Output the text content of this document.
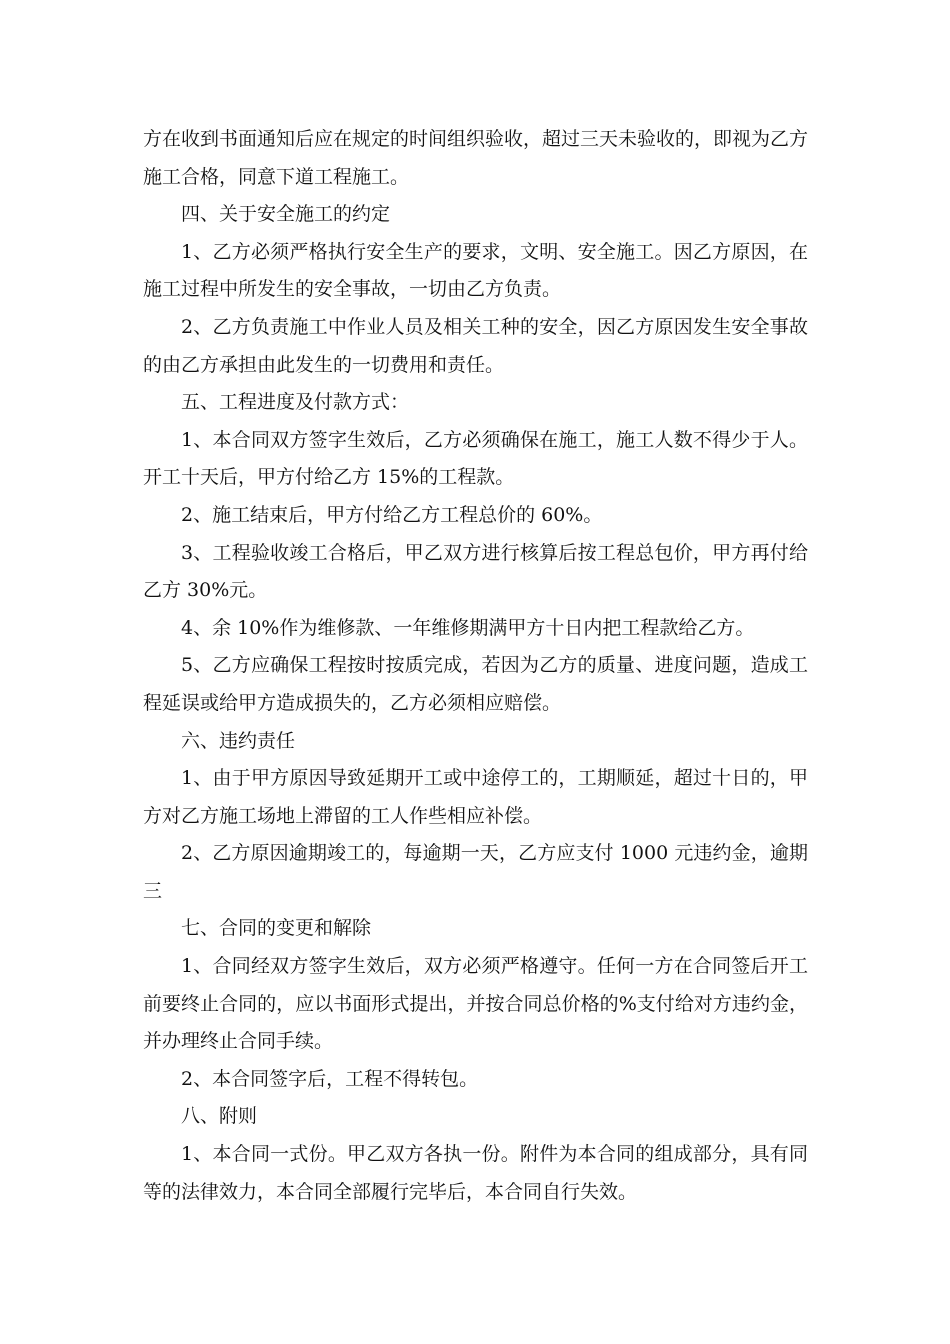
方在收到书面通知后应在规定的时间组织验收，超过三天未验收的，即视为乙方施工合格，同意下道工程施工。

四、关于安全施工的约定

1、乙方必须严格执行安全生产的要求，文明、安全施工。因乙方原因，在施工过程中所发生的安全事故，一切由乙方负责。

2、乙方负责施工中作业人员及相关工种的安全，因乙方原因发生安全事故的由乙方承担由此发生的一切费用和责任。

五、工程进度及付款方式：

1、本合同双方签字生效后，乙方必须确保在施工，施工人数不得少于人。开工十天后，甲方付给乙方 15%的工程款。

2、施工结束后，甲方付给乙方工程总价的 60%。

3、工程验收竣工合格后，甲乙双方进行核算后按工程总包价，甲方再付给乙方 30%元。

4、余 10%作为维修款、一年维修期满甲方十日内把工程款给乙方。

5、乙方应确保工程按时按质完成，若因为乙方的质量、进度问题，造成工程延误或给甲方造成损失的，乙方必须相应赔偿。

六、违约责任

1、由于甲方原因导致延期开工或中途停工的，工期顺延，超过十日的，甲方对乙方施工场地上滞留的工人作些相应补偿。

2、乙方原因逾期竣工的，每逾期一天，乙方应支付 1000 元违约金，逾期三

七、合同的变更和解除

1、合同经双方签字生效后，双方必须严格遵守。任何一方在合同签后开工前要终止合同的，应以书面形式提出，并按合同总价格的%支付给对方违约金，并办理终止合同手续。

2、本合同签字后，工程不得转包。

八、附则

1、本合同一式份。甲乙双方各执一份。附件为本合同的组成部分，具有同等的法律效力，本合同全部履行完毕后，本合同自行失效。
